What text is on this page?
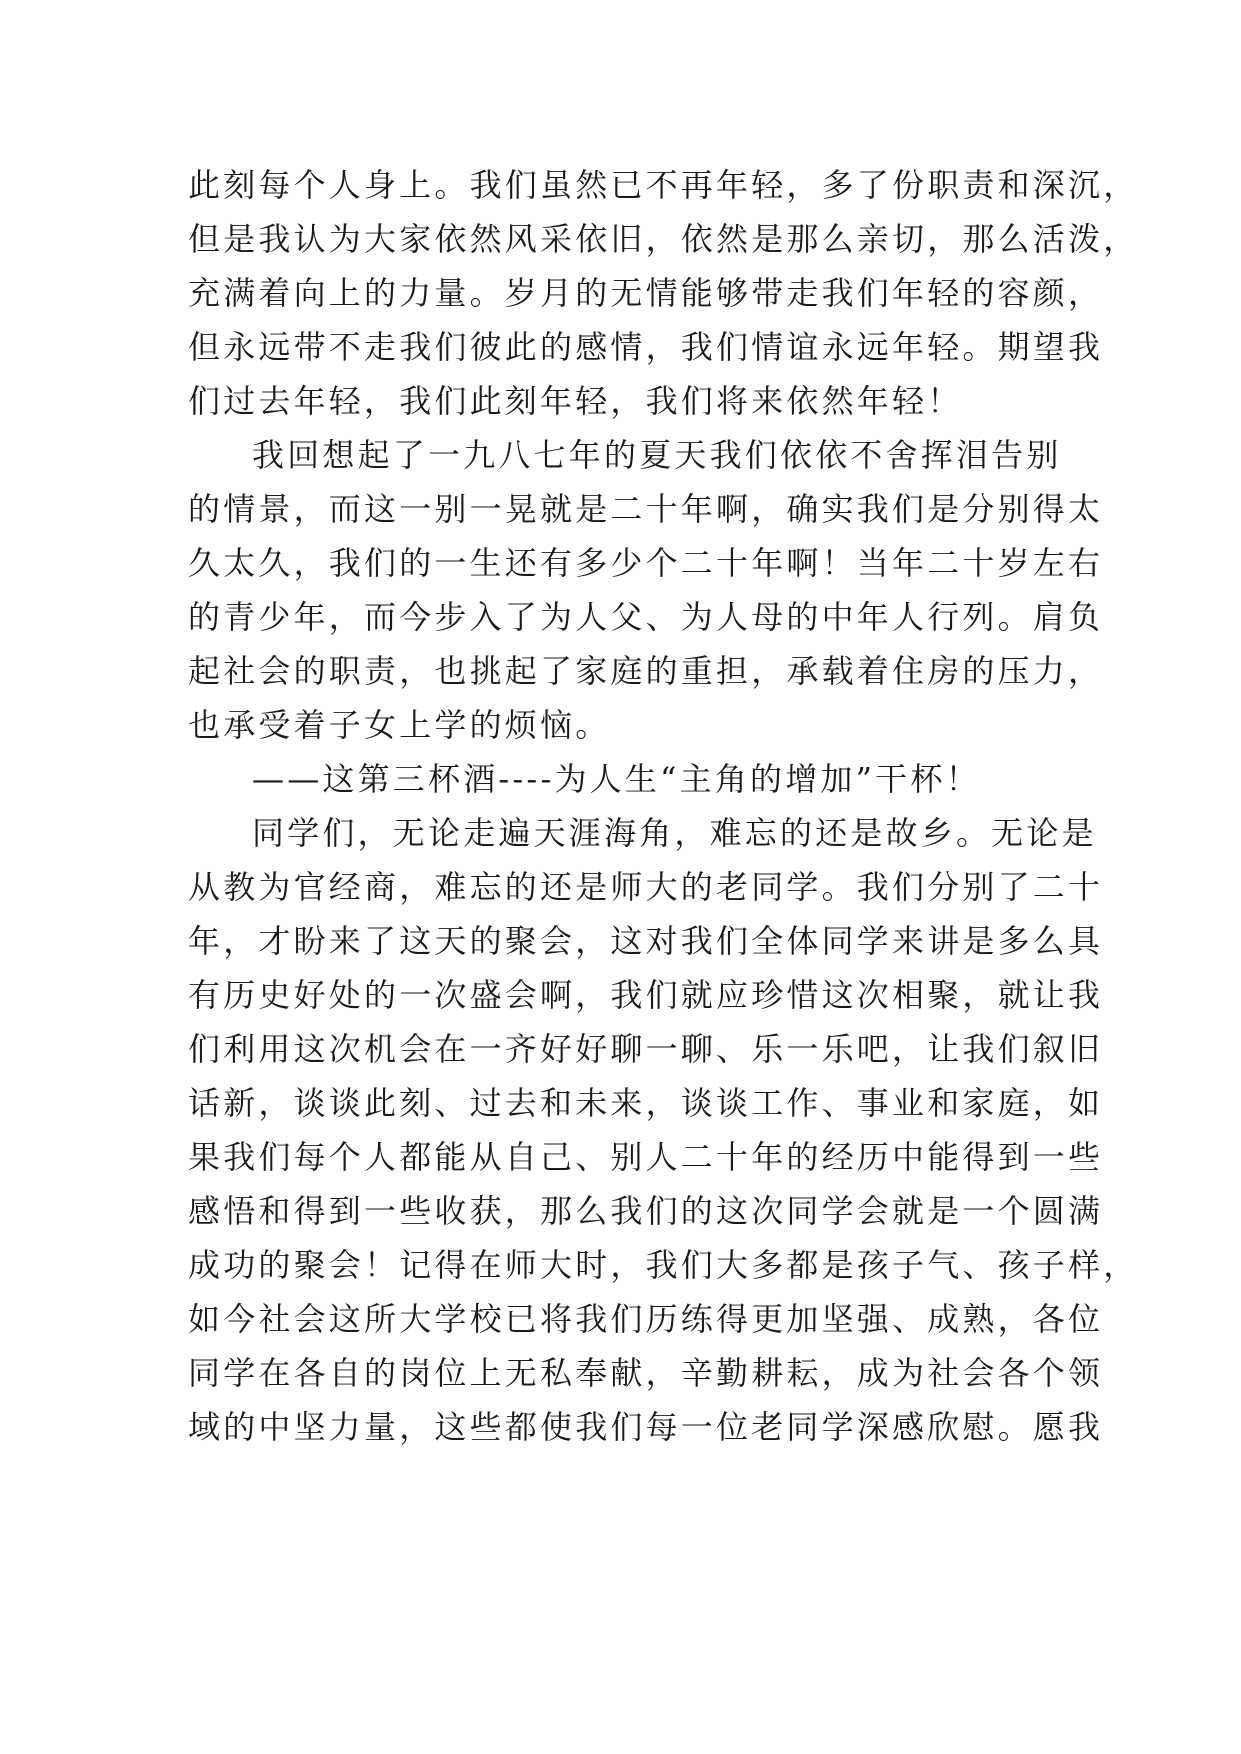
此刻每个人身上。我们虽然已不再年轻，多了份职责和深沉，
但是我认为大家依然风采依旧，依然是那么亲切，那么活泼，
充满着向上的力量。岁月的无情能够带走我们年轻的容颜，
但永远带不走我们彼此的感情，我们情谊永远年轻。期望我
们过去年轻，我们此刻年轻，我们将来依然年轻！
我回想起了一九八七年的夏天我们依依不舍挥泪告别
的情景，而这一别一晃就是二十年啊，确实我们是分别得太
久太久，我们的一生还有多少个二十年啊！当年二十岁左右
的青少年，而今步入了为人父、为人母的中年人行列。肩负
起社会的职责，也挑起了家庭的重担，承载着住房的压力，
也承受着子女上学的烦恼。
——这第三杯酒----为人生“主角的增加”干杯！
同学们，无论走遍天涯海角，难忘的还是故乡。无论是
从教为官经商，难忘的还是师大的老同学。我们分别了二十
年，才盼来了这天的聚会，这对我们全体同学来讲是多么具
有历史好处的一次盛会啊，我们就应珍惜这次相聚，就让我
们利用这次机会在一齐好好聊一聊、乐一乐吧，让我们叙旧
话新，谈谈此刻、过去和未来，谈谈工作、事业和家庭，如
果我们每个人都能从自己、别人二十年的经历中能得到一些
感悟和得到一些收获，那么我们的这次同学会就是一个圆满
成功的聚会！记得在师大时，我们大多都是孩子气、孩子样，
如今社会这所大学校已将我们历练得更加坚强、成熟，各位
同学在各自的岗位上无私奉献，辛勤耕耘，成为社会各个领
域的中坚力量，这些都使我们每一位老同学深感欣慰。愿我
